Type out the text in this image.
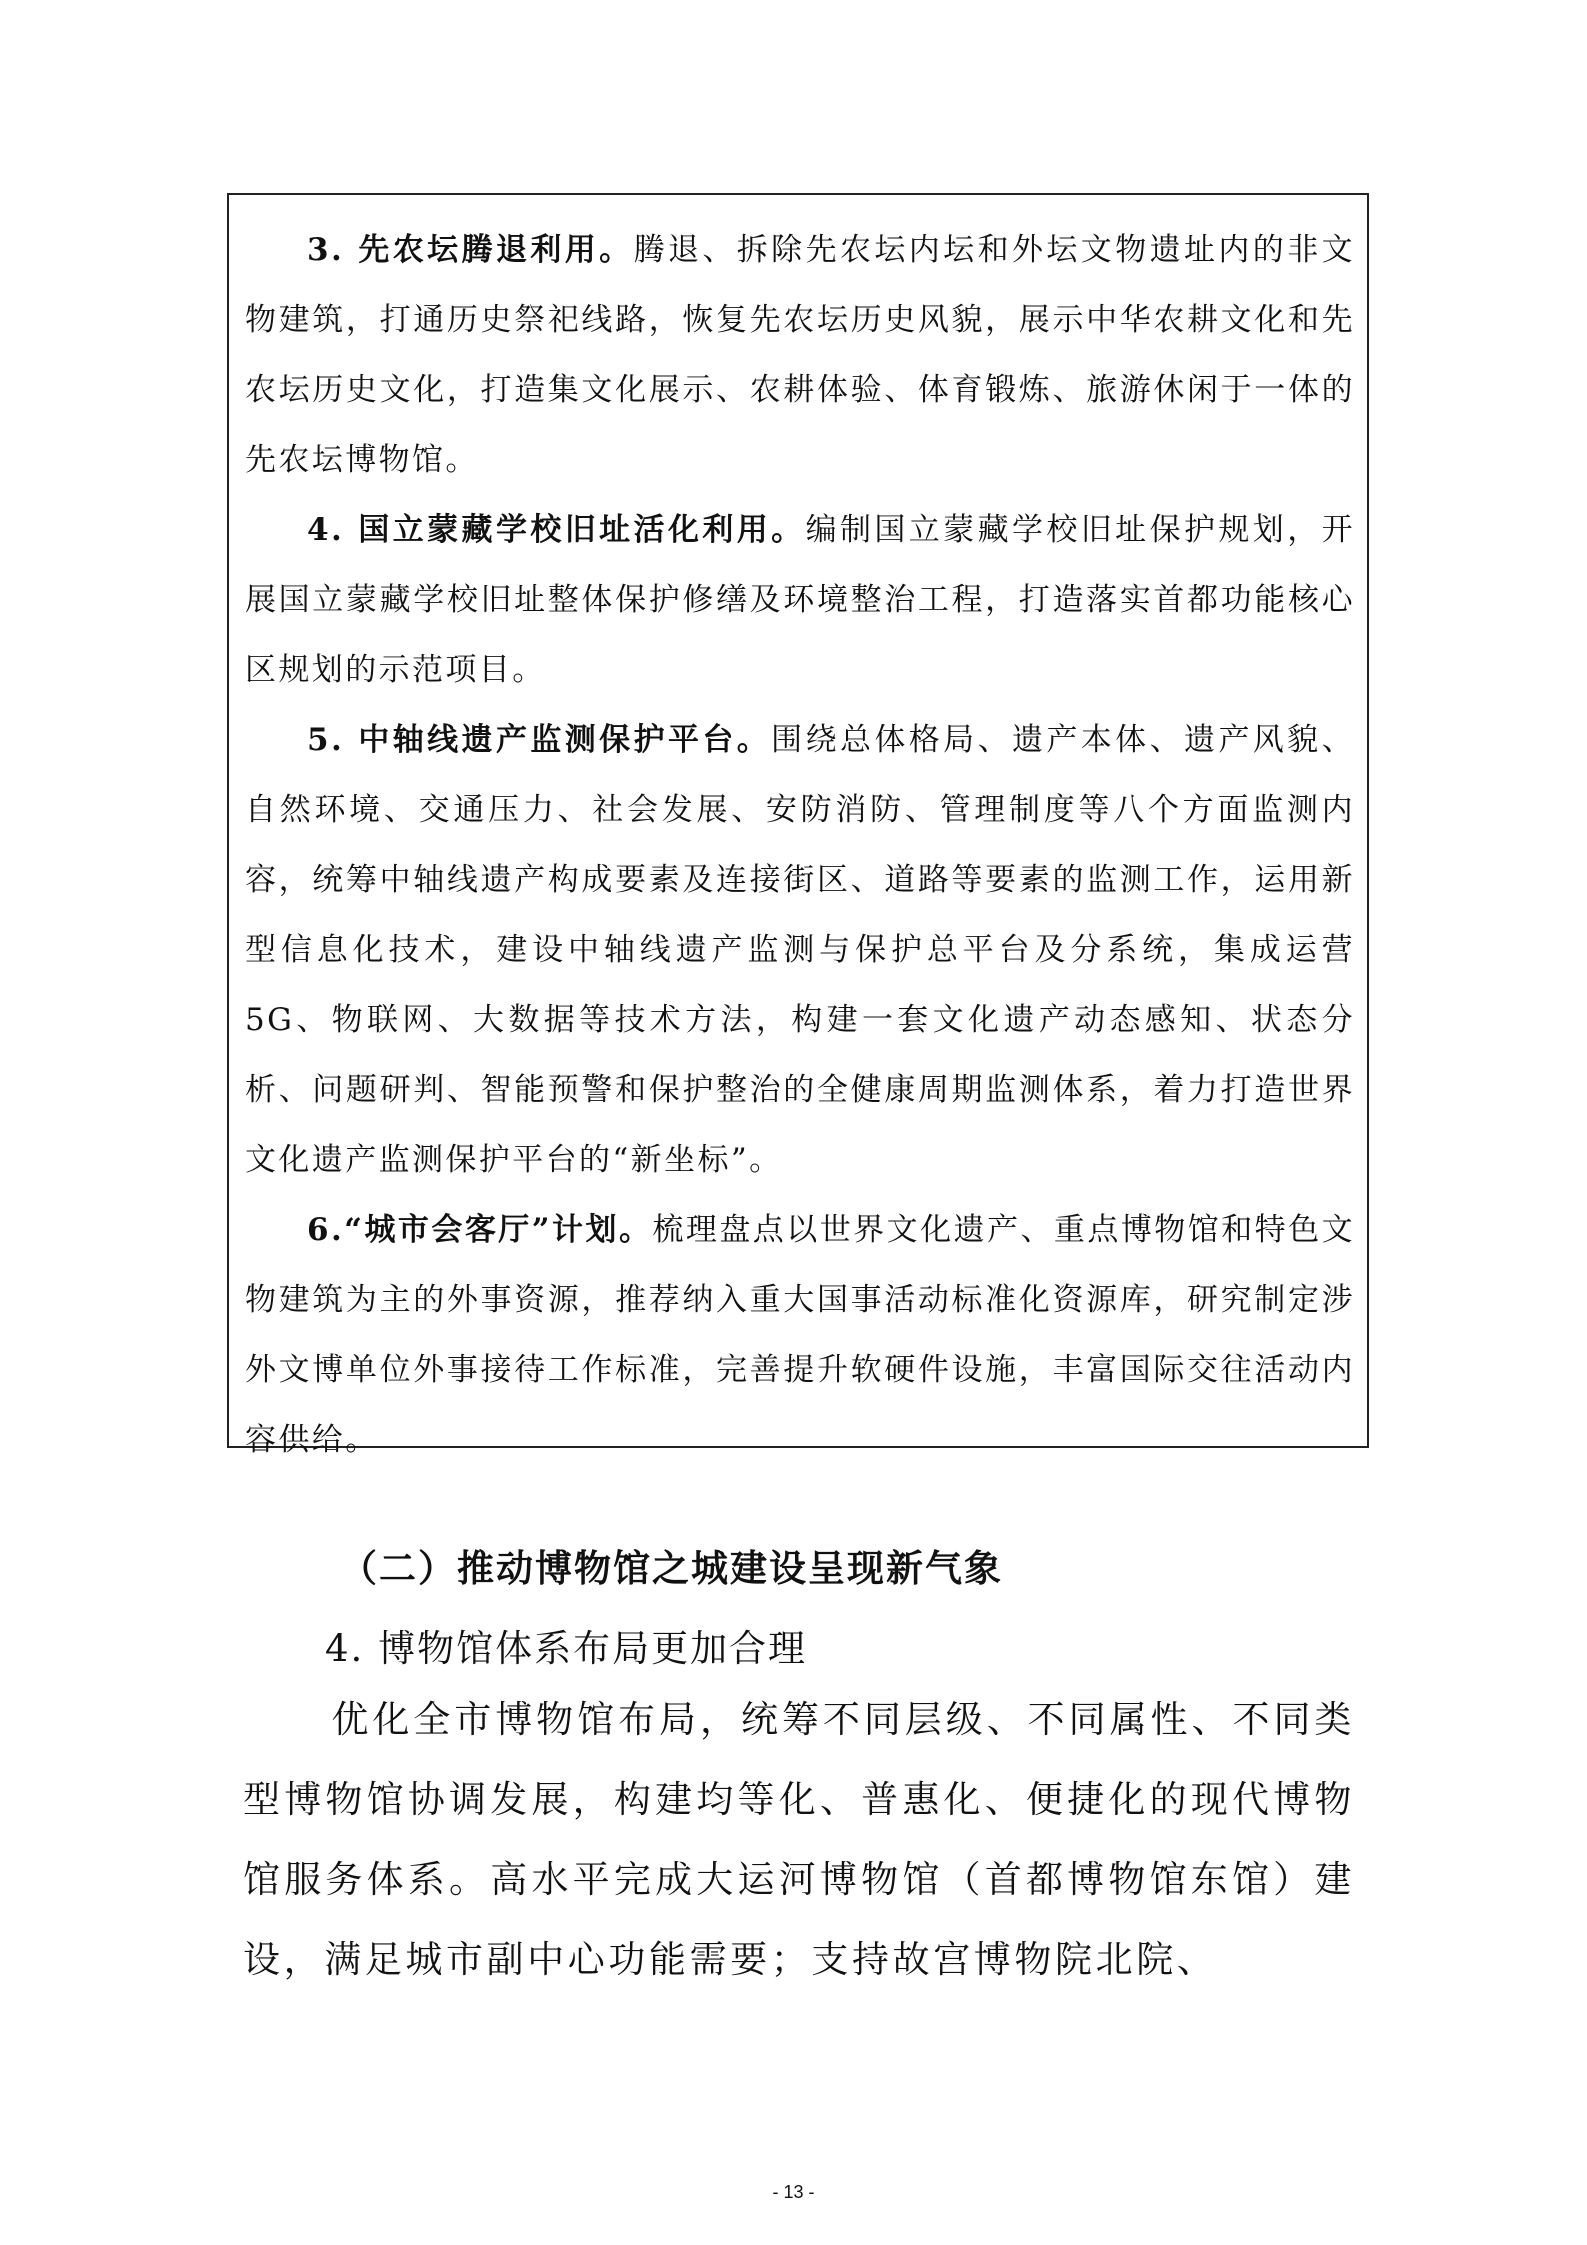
3. 先农坛腾退利用。腾退、拆除先农坛内坛和外坛文物遗址内的非文物建筑，打通历史祭祀线路，恢复先农坛历史风貌，展示中华农耕文化和先农坛历史文化，打造集文化展示、农耕体验、体育锻炼、旅游休闲于一体的先农坛博物馆。

4. 国立蒙藏学校旧址活化利用。编制国立蒙藏学校旧址保护规划，开展国立蒙藏学校旧址整体保护修缮及环境整治工程，打造落实首都功能核心区规划的示范项目。

5. 中轴线遗产监测保护平台。围绕总体格局、遗产本体、遗产风貌、自然环境、交通压力、社会发展、安防消防、管理制度等八个方面监测内容，统筹中轴线遗产构成要素及连接街区、道路等要素的监测工作，运用新型信息化技术，建设中轴线遗产监测与保护总平台及分系统，集成运营 5G、物联网、大数据等技术方法，构建一套文化遗产动态感知、状态分析、问题研判、智能预警和保护整治的全健康周期监测体系，着力打造世界文化遗产监测保护平台的“新坐标”。

6.“城市会客厅”计划。梳理盘点以世界文化遗产、重点博物馆和特色文物建筑为主的外事资源，推荐纳入重大国事活动标准化资源库，研究制定涉外文博单位外事接待工作标准，完善提升软硬件设施，丰富国际交往活动内容供给。

（二）推动博物馆之城建设呈现新气象
4. 博物馆体系布局更加合理

优化全市博物馆布局，统筹不同层级、不同属性、不同类型博物馆协调发展，构建均等化、普惠化、便捷化的现代博物馆服务体系。高水平完成大运河博物馆（首都博物馆东馆）建设，满足城市副中心功能需要；支持故宫博物院北院、

- 13 -
